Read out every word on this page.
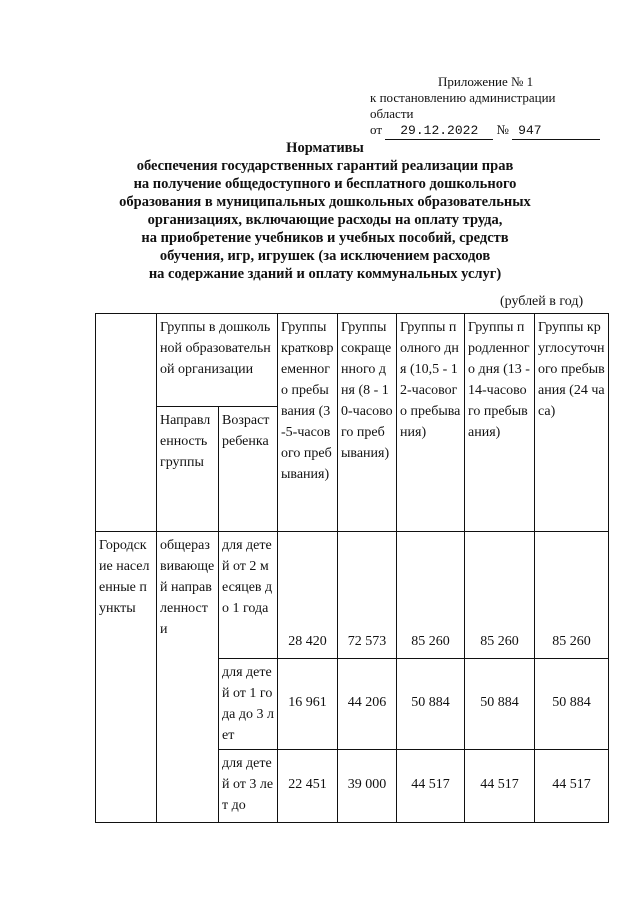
Приложение № 1
к постановлению администрации области
от 29.12.2022 № 947
Нормативы
обеспечения государственных гарантий реализации прав
на получение общедоступного и бесплатного дошкольного
образования в муниципальных дошкольных образовательных
организациях, включающие расходы на оплату труда,
на приобретение учебников и учебных пособий, средств
обучения, игр, игрушек (за исключением расходов
на содержание зданий и оплату коммунальных услуг)
(рублей в год)
	Группы в дошкольной образовательной организации		Группы кратковременного пребывания (3-5-часового пребывания)	Группы сокращенного дня (8 - 10-часового пребывания)	Группы полного дня (10,5 - 12-часового пребывания)	Группы продленного дня (13 - 14-часового пребывания)	Группы круглосуточного пребывания (24 часа)
	Направленность группы	Возраст ребенка					
Городские населенные пункты	общеразвивающей направленности	для детей от 2 месяцев до 1 года	28 420	72 573	85 260	85 260	85 260
		для детей от 1 года до 3 лет	16 961	44 206	50 884	50 884	50 884
		для детей от 3 лет до	22 451	39 000	44 517	44 517	44 517
